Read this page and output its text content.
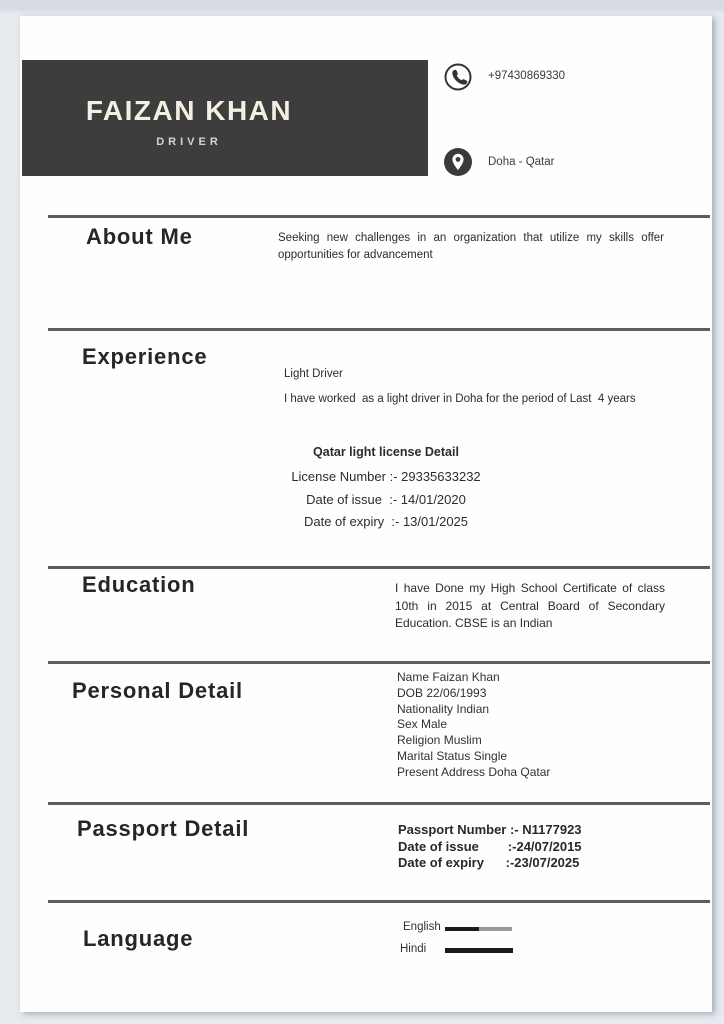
FAIZAN KHAN
DRIVER
+97430869330
Doha - Qatar
About Me	Seeking new challenges in an organization that utilize my skills offer opportunities for advancement
Experience
Light Driver
I have worked  as a light driver in Doha for the period of Last  4 years
Qatar light license Detail
License Number :- 29335633232
Date of issue  :- 14/01/2020
Date of expiry  :- 13/01/2025
Education	I have Done my High School Certificate of class 10th in 2015 at Central Board of Secondary Education. CBSE is an Indian
Personal Detail
Name Faizan Khan
DOB 22/06/1993
Nationality Indian
Sex Male
Religion Muslim
Marital Status Single
Present Address Doha Qatar
Passport Detail	Passport Number :- N1177923
Date of issue        :-24/07/2015
Date of expiry      :-23/07/2025
Language	English
Hindi
